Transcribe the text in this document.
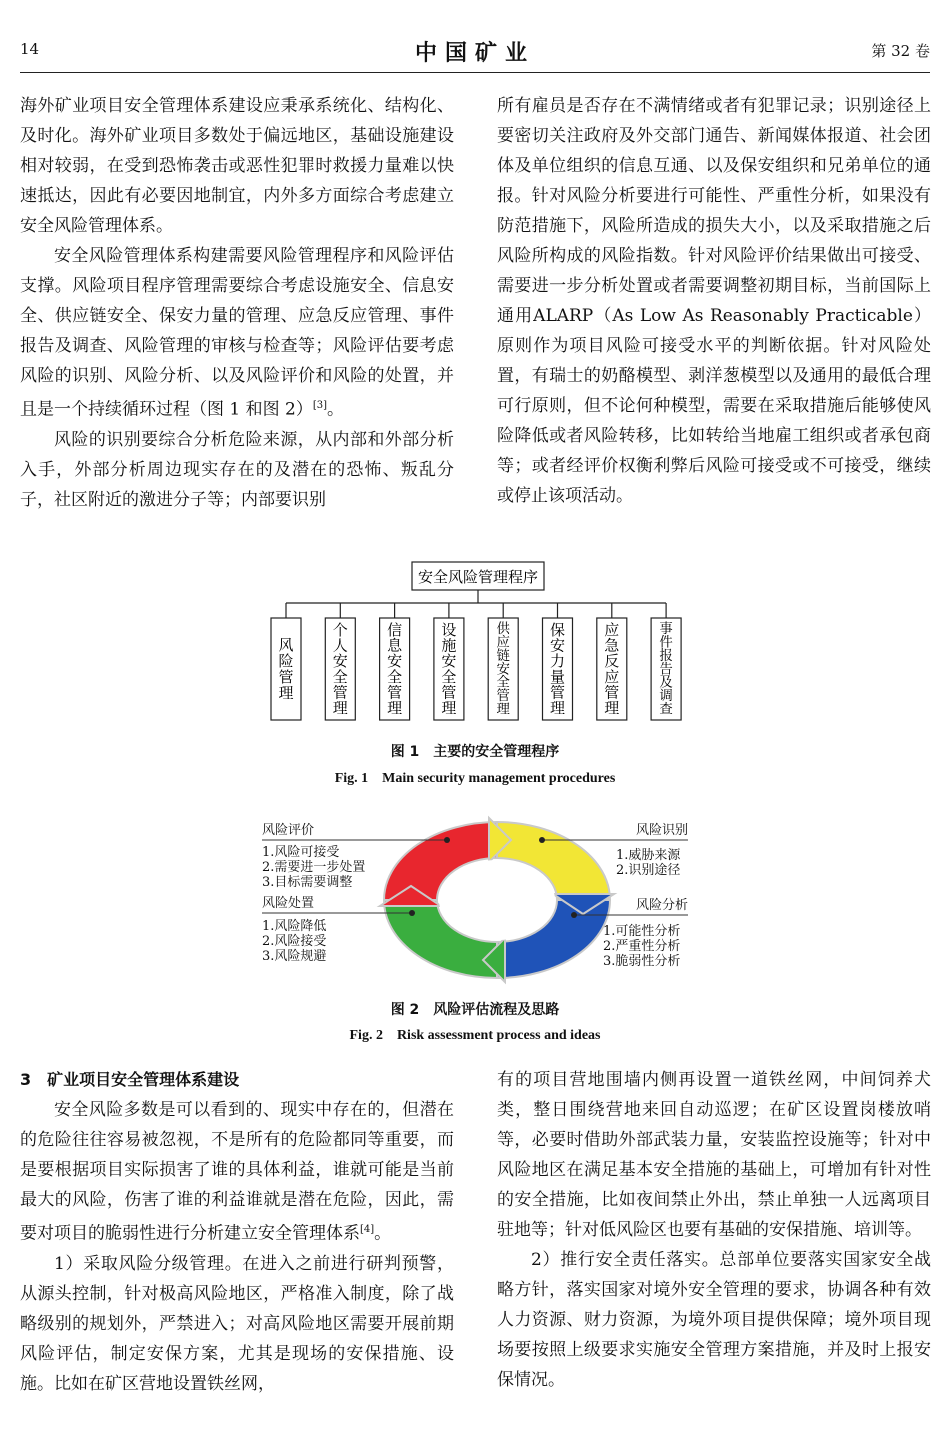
14	中国矿业	第 32 卷

海外矿业项目安全管理体系建设应秉承系统化、结构化、及时化。海外矿业项目多数处于偏远地区，基础设施建设相对较弱，在受到恐怖袭击或恶性犯罪时救援力量难以快速抵达，因此有必要因地制宜，内外多方面综合考虑建立安全风险管理体系。

安全风险管理体系构建需要风险管理程序和风险评估支撑。风险项目程序管理需要综合考虑设施安全、信息安全、供应链安全、保安力量的管理、应急反应管理、事件报告及调查、风险管理的审核与检查等；风险评估要考虑风险的识别、风险分析、以及风险评价和风险的处置，并且是一个持续循环过程（图 1 和图 2）[3]。

风险的识别要综合分析危险来源，从内部和外部分析入手，外部分析周边现实存在的及潜在的恐怖、叛乱分子，社区附近的激进分子等；内部要识别

所有雇员是否存在不满情绪或者有犯罪记录；识别途径上要密切关注政府及外交部门通告、新闻媒体报道、社会团体及单位组织的信息互通、以及保安组织和兄弟单位的通报。针对风险分析要进行可能性、严重性分析，如果没有防范措施下，风险所造成的损失大小，以及采取措施之后风险所构成的风险指数。针对风险评价结果做出可接受、需要进一步分析处置或者需要调整初期目标，当前国际上通用ALARP（As Low As Reasonably Practicable）原则作为项目风险可接受水平的判断依据。针对风险处置，有瑞士的奶酪模型、剥洋葱模型以及通用的最低合理可行原则，但不论何种模型，需要在采取措施后能够使风险降低或者风险转移，比如转给当地雇工组织或者承包商等；或者经评价权衡利弊后风险可接受或不可接受，继续或停止该项活动。

安全风险管理程序
风险管理
个人安全管理
信息安全管理
设施安全管理
供应链安全管理
保安力量管理
应急反应管理
事件报告及调查
图 1　主要的安全管理程序
Fig. 1　Main security management procedures
风险评价
1.风险可接受
2.需要进一步处置
3.目标需要调整
风险处置
1.风险降低
2.风险接受
3.风险规避
风险识别
1.威胁来源
2.识别途径
风险分析
1.可能性分析
2.严重性分析
3.脆弱性分析
图 2　风险评估流程及思路
Fig. 2　Risk assessment process and ideas

3　矿业项目安全管理体系建设

安全风险多数是可以看到的、现实中存在的，但潜在的危险往往容易被忽视，不是所有的危险都同等重要，而是要根据项目实际损害了谁的具体利益，谁就可能是当前最大的风险，伤害了谁的利益谁就是潜在危险，因此，需要对项目的脆弱性进行分析建立安全管理体系[4]。

1）采取风险分级管理。在进入之前进行研判预警，从源头控制，针对极高风险地区，严格准入制度，除了战略级别的规划外，严禁进入；对高风险地区需要开展前期风险评估，制定安保方案，尤其是现场的安保措施、设施。比如在矿区营地设置铁丝网，

有的项目营地围墙内侧再设置一道铁丝网，中间饲养犬类，整日围绕营地来回自动巡逻；在矿区设置岗楼放哨等，必要时借助外部武装力量，安装监控设施等；针对中风险地区在满足基本安全措施的基础上，可增加有针对性的安全措施，比如夜间禁止外出，禁止单独一人远离项目驻地等；针对低风险区也要有基础的安保措施、培训等。

2）推行安全责任落实。总部单位要落实国家安全战略方针，落实国家对境外安全管理的要求，协调各种有效人力资源、财力资源，为境外项目提供保障；境外项目现场要按照上级要求实施安全管理方案措施，并及时上报安保情况。
